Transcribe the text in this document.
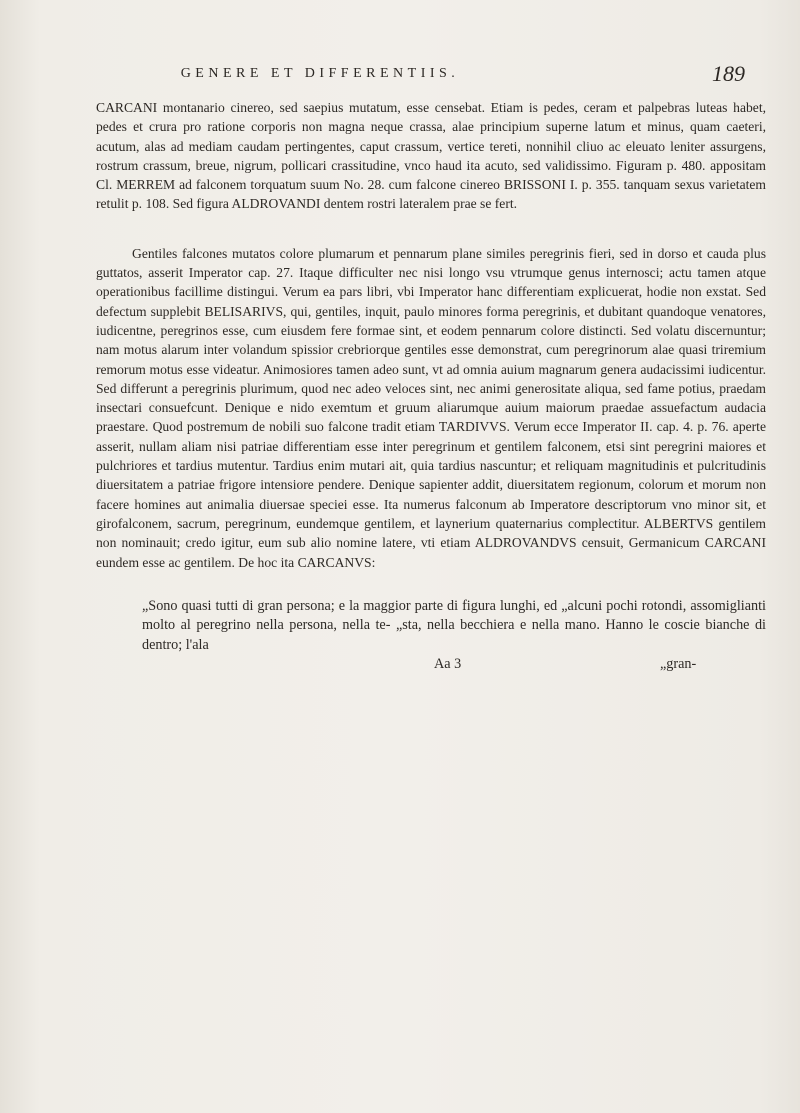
GENERE ET DIFFERENTIIS.	189

CARCANI montanario cinereo, sed saepius mutatum, esse censebat. Etiam is pedes, ceram et palpebras luteas habet, pedes et crura pro ratione corporis non magna neque crassa, alae principium superne latum et minus, quam caeteri, acutum, alas ad mediam caudam pertingentes, caput crassum, vertice tereti, nonnihil cliuo ac eleuato leniter assurgens, rostrum crassum, breue, nigrum, pollicari crassitudine, vnco haud ita acuto, sed validissimo. Figuram p. 480. appositam Cl. MERREM ad falconem torquatum suum No. 28. cum falcone cinereo BRISSONI I. p. 355. tanquam sexus varietatem retulit p. 108. Sed figura ALDROVANDI dentem rostri lateralem prae se fert.

Gentiles falcones mutatos colore plumarum et pennarum plane similes peregrinis fieri, sed in dorso et cauda plus guttatos, asserit Imperator cap. 27. Itaque difficulter nec nisi longo vsu vtrumque genus internosci; actu tamen atque operationibus facillime distingui. Verum ea pars libri, vbi Imperator hanc differentiam explicuerat, hodie non exstat. Sed defectum supplebit BELISARIVS, qui, gentiles, inquit, paulo minores forma peregrinis, et dubitant quandoque venatores, iudicentne, peregrinos esse, cum eiusdem fere formae sint, et eodem pennarum colore distincti. Sed volatu discernuntur; nam motus alarum inter volandum spissior crebriorque gentiles esse demonstrat, cum peregrinorum alae quasi triremium remorum motus esse videatur. Animosiores tamen adeo sunt, vt ad omnia auium magnarum genera audacissimi iudicentur. Sed differunt a peregrinis plurimum, quod nec adeo veloces sint, nec animi generositate aliqua, sed fame potius, praedam insectari consuefcunt. Denique e nido exemtum et gruum aliarumque auium maiorum praedae assuefactum audacia praestare. Quod postremum de nobili suo falcone tradit etiam TARDIVVS. Verum ecce Imperator II. cap. 4. p. 76. aperte asserit, nullam aliam nisi patriae differentiam esse inter peregrinum et gentilem falconem, etsi sint peregrini maiores et pulchriores et tardius mutentur. Tardius enim mutari ait, quia tardius nascuntur; et reliquam magnitudinis et pulcritudinis diuersitatem a patriae frigore intensiore pendere. Denique sapienter addit, diuersitatem regionum, colorum et morum non facere homines aut animalia diuersae speciei esse. Ita numerus falconum ab Imperatore descriptorum vno minor sit, et girofalconem, sacrum, peregrinum, eundemque gentilem, et laynerium quaternarius complectitur. ALBERTVS gentilem non nominauit; credo igitur, eum sub alio nomine latere, vti etiam ALDROVANDVS censuit, Germanicum CARCANI eundem esse ac gentilem. De hoc ita CARCANVS:

„Sono quasi tutti di gran persona; e la maggior parte di figura lunghi, ed „alcuni pochi rotondi, assomiglianti molto al peregrino nella persona, nella te- „sta, nella becchiera e nella mano. Hanno le coscie bianche di dentro; l'ala

Aa 3	„gran-
